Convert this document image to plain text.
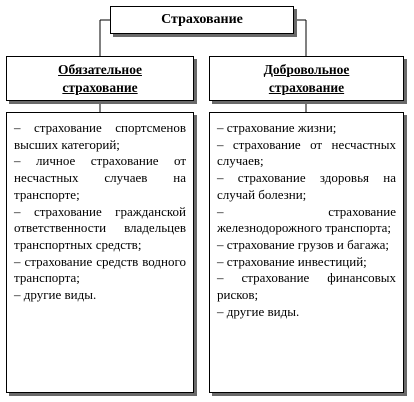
Страхование
Обязательное
страхование
Добровольное
страхование

– страхование спортсменов высших категорий;

– личное страхование от несчастных случаев на транспорте;

– страхование гражданской ответственности владельцев транспортных средств;

– страхование средств водного транспорта;

– другие виды.

– страхование жизни;

– страхование от несчастных случаев;

– страхование здоровья на случай болезни;

– страхование железнодорожного транспорта;

– страхование грузов и багажа;

– страхование инвестиций;

– страхование финансовых рисков;

– другие виды.
